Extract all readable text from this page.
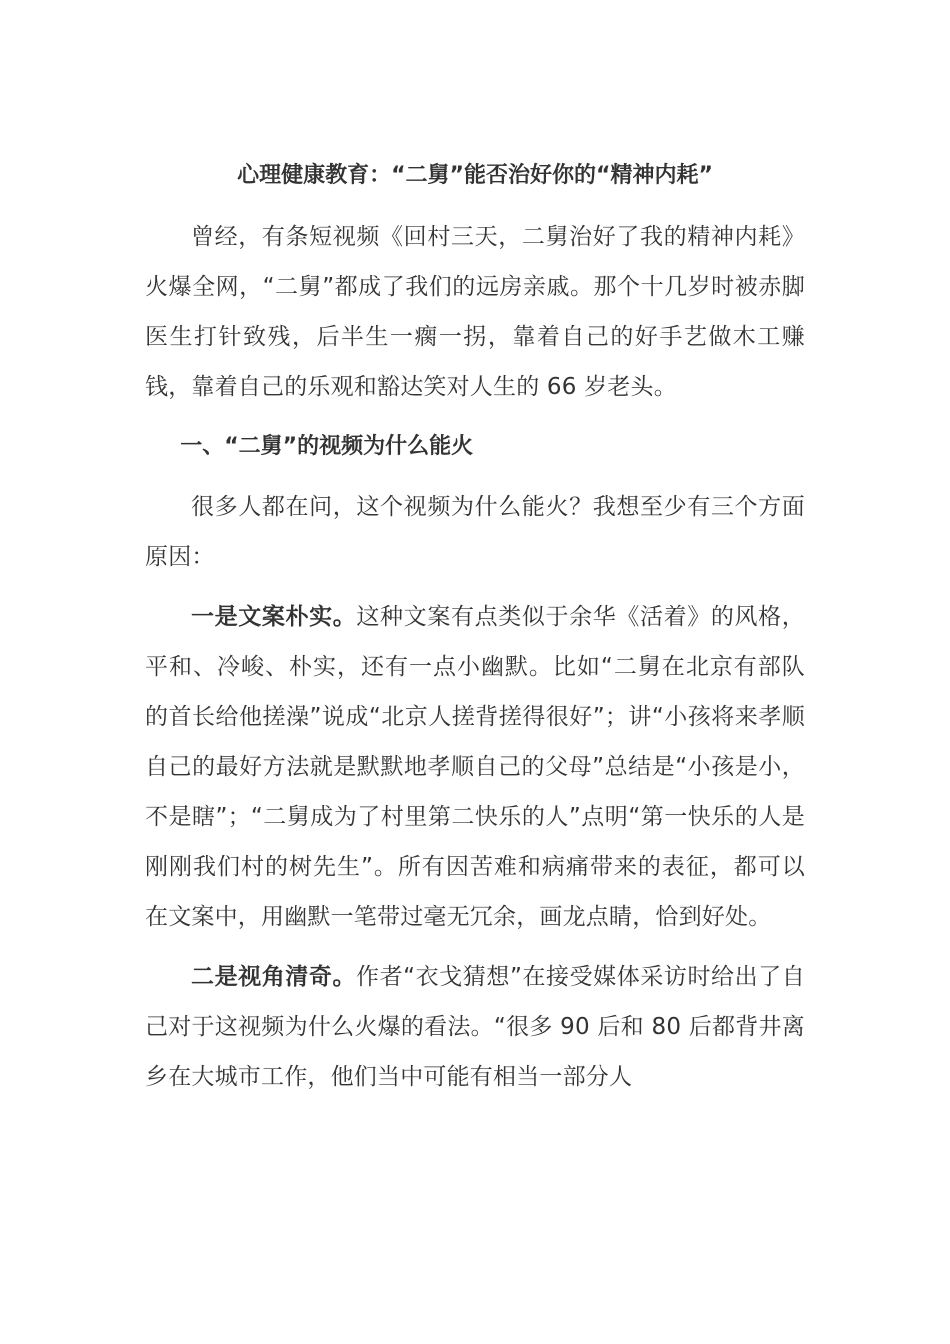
心理健康教育：“二舅”能否治好你的“精神内耗”

曾经，有条短视频《回村三天，二舅治好了我的精神内耗》火爆全网，“二舅”都成了我们的远房亲戚。那个十几岁时被赤脚医生打针致残，后半生一瘸一拐，靠着自己的好手艺做木工赚钱，靠着自己的乐观和豁达笑对人生的 66 岁老头。

一、“二舅”的视频为什么能火

很多人都在问，这个视频为什么能火？我想至少有三个方面原因：

一是文案朴实。这种文案有点类似于余华《活着》的风格，平和、冷峻、朴实，还有一点小幽默。比如“二舅在北京有部队的首长给他搓澡”说成“北京人搓背搓得很好”；讲“小孩将来孝顺自己的最好方法就是默默地孝顺自己的父母”总结是“小孩是小，不是瞎”；“二舅成为了村里第二快乐的人”点明“第一快乐的人是刚刚我们村的树先生”。所有因苦难和病痛带来的表征，都可以在文案中，用幽默一笔带过毫无冗余，画龙点睛，恰到好处。

二是视角清奇。作者“衣戈猜想”在接受媒体采访时给出了自己对于这视频为什么火爆的看法。“很多 90 后和 80 后都背井离乡在大城市工作，他们当中可能有相当一部分人
